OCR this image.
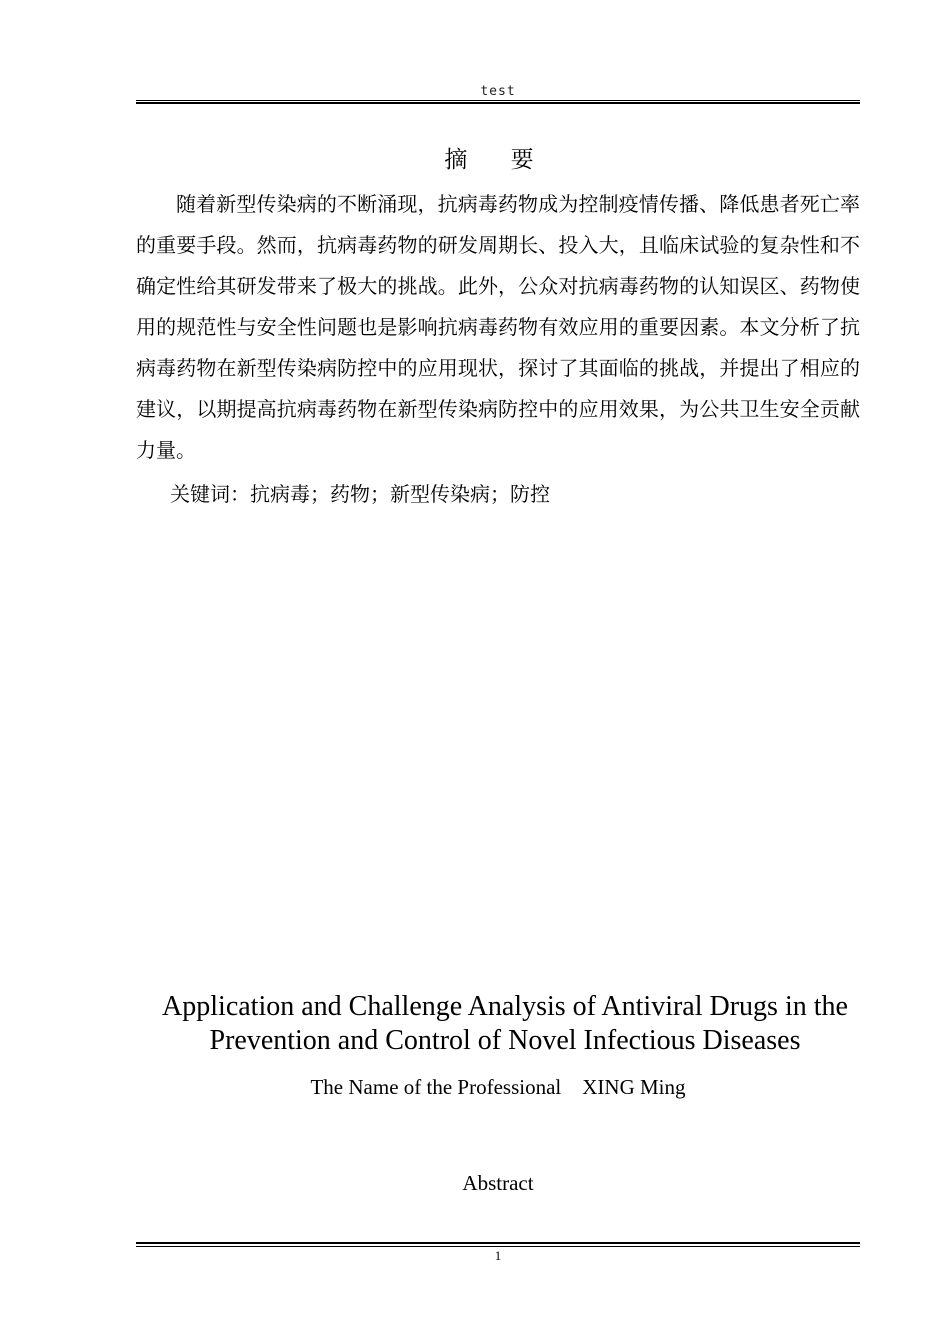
test
摘 要

随着新型传染病的不断涌现，抗病毒药物成为控制疫情传播、降低患者死亡率的重要手段。然而，抗病毒药物的研发周期长、投入大，且临床试验的复杂性和不确定性给其研发带来了极大的挑战。此外，公众对抗病毒药物的认知误区、药物使用的规范性与安全性问题也是影响抗病毒药物有效应用的重要因素。本文分析了抗病毒药物在新型传染病防控中的应用现状，探讨了其面临的挑战，并提出了相应的建议，以期提高抗病毒药物在新型传染病防控中的应用效果，为公共卫生安全贡献力量。

关键词：抗病毒；药物；新型传染病；防控

Application and Challenge Analysis of Antiviral Drugs in the Prevention and Control of Novel Infectious Diseases

The Name of the Professional    XING Ming
Abstract
1
